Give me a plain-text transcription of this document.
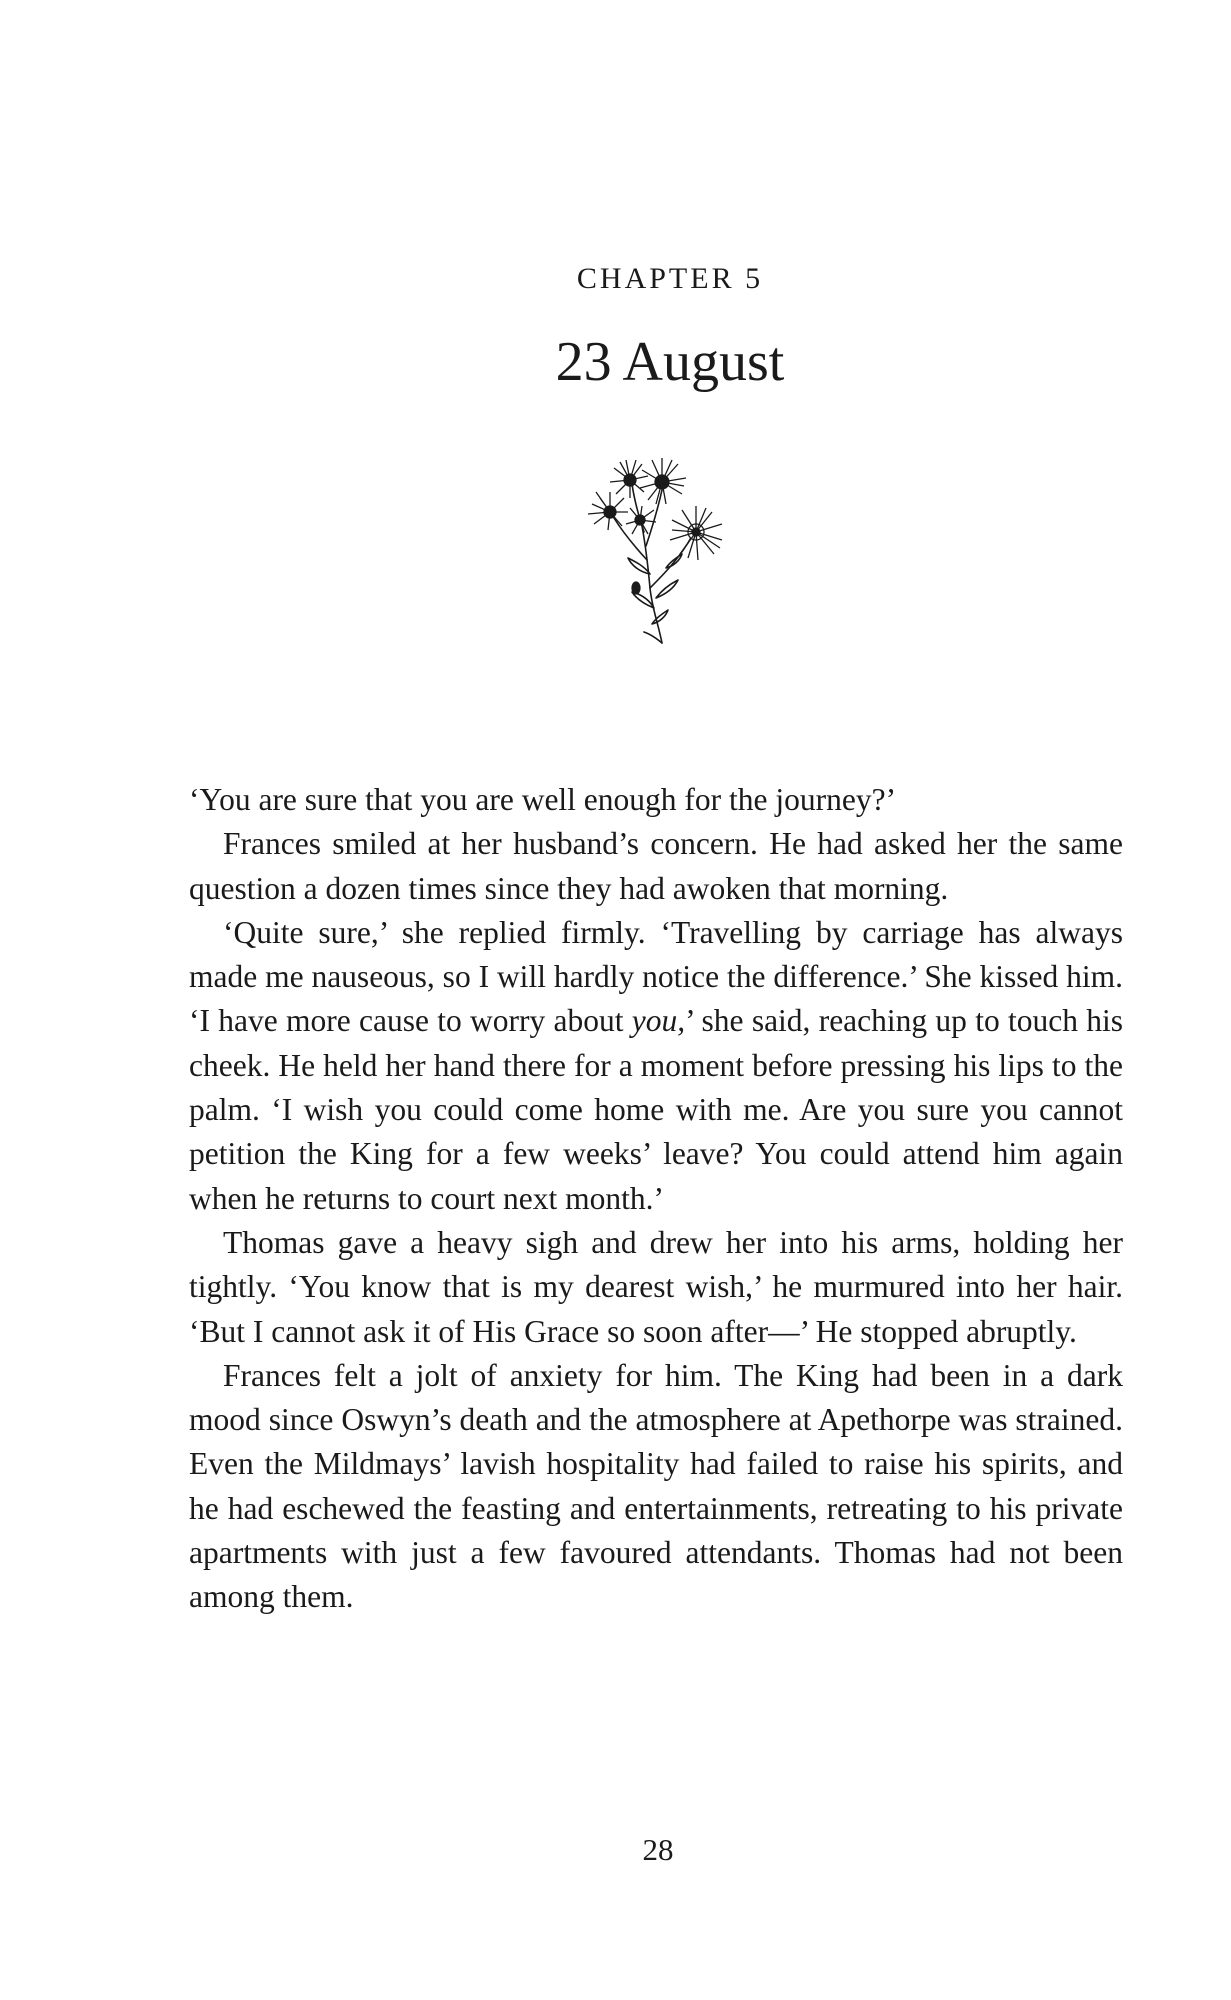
CHAPTER 5
23 August

‘You are sure that you are well enough for the journey?’

Frances smiled at her husband’s concern. He had asked her the same question a dozen times since they had awoken that morning.

‘Quite sure,’ she replied firmly. ‘Travelling by carriage has always made me nauseous, so I will hardly notice the difference.’ She kissed him. ‘I have more cause to worry about you,’ she said, reaching up to touch his cheek. He held her hand there for a moment before pressing his lips to the palm. ‘I wish you could come home with me. Are you sure you cannot petition the King for a few weeks’ leave? You could attend him again when he returns to court next month.’

Thomas gave a heavy sigh and drew her into his arms, holding her tightly. ‘You know that is my dearest wish,’ he murmured into her hair. ‘But I cannot ask it of His Grace so soon after—’ He stopped abruptly.

Frances felt a jolt of anxiety for him. The King had been in a dark mood since Oswyn’s death and the atmosphere at Apethorpe was strained. Even the Mildmays’ lavish hospitality had failed to raise his spirits, and he had eschewed the feasting and entertainments, retreating to his private apartments with just a few favoured attendants. Thomas had not been among them.

28
